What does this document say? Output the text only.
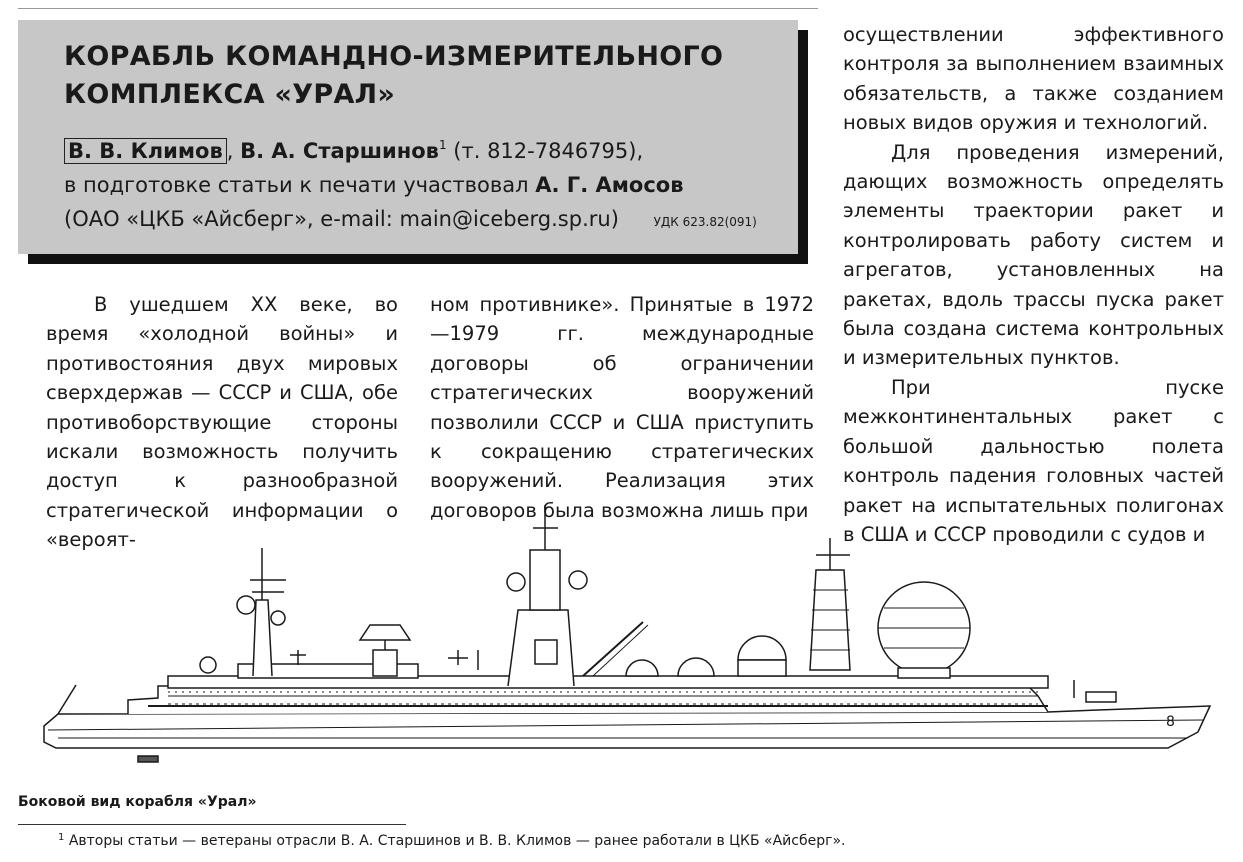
КОРАБЛЬ КОМАНДНО-ИЗМЕРИТЕЛЬНОГО
КОМПЛЕКСА «УРАЛ»
В. В. Климов , В. А. Старшинов$^1$ (т. 812-7846795),
в подготовке статьи к печати участвовал А. Г. Амосов
(ОАО «ЦКБ «Айсберг», e-mail: main@iceberg.sp.ru)	УДК 623.82(091)

В ушедшем XX веке, во время «холодной войны» и противостояния двух мировых сверхдержав — СССР и США, обе противоборствующие стороны искали возможность получить доступ к разнообразной стратегической информации о «вероят-

ном противнике». Принятые в 1972—1979 гг. международные договоры об ограничении стратегических вооружений позволили СССР и США приступить к сокращению стратегических вооружений. Реализация этих договоров была возможна лишь при

осуществлении эффективного контроля за выполнением взаимных обязательств, а также созданием новых видов оружия и технологий.

Для проведения измерений, дающих возможность определять элементы траектории ракет и контролировать работу систем и агрегатов, установленных на ракетах, вдоль трассы пуска ракет была создана система контрольных и измерительных пунктов.

При пуске межконтинентальных ракет с большой дальностью полета контроль падения головных частей ракет на испытательных полигонах в США и СССР проводили с судов и

8
Боковой вид корабля «Урал»
$^1$ Авторы статьи — ветераны отрасли В. А. Старшинов и В. В. Климов — ранее работали в ЦКБ «Айсберг».
